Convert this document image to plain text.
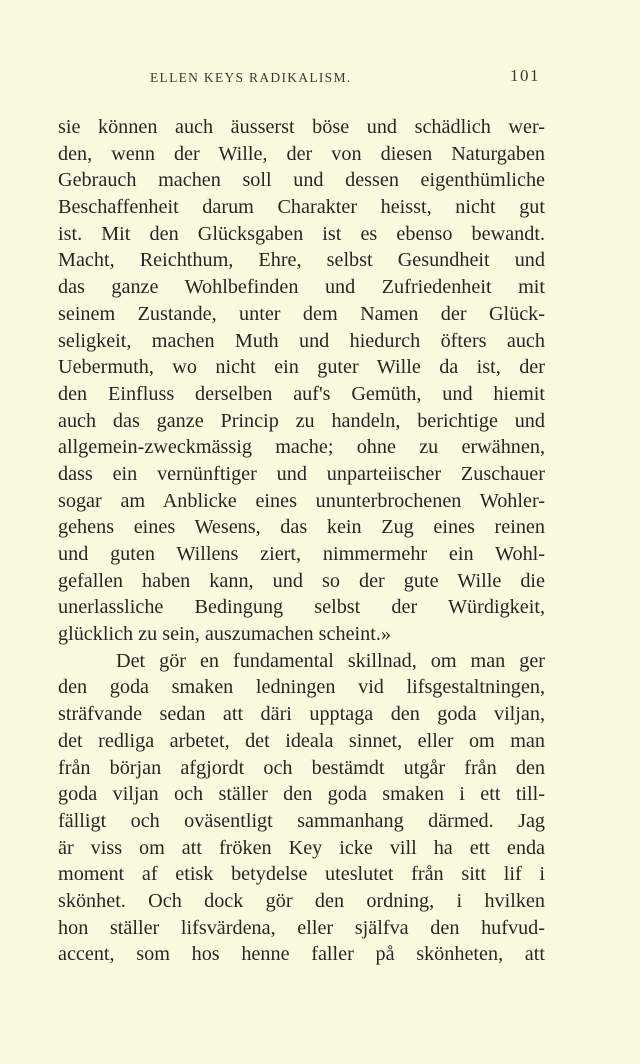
ELLEN KEYS RADIKALISM.	101
sie können auch äusserst böse und schädlich wer-
den, wenn der Wille, der von diesen Naturgaben
Gebrauch machen soll und dessen eigenthümliche
Beschaffenheit darum Charakter heisst, nicht gut
ist. Mit den Glücksgaben ist es ebenso bewandt.
Macht, Reichthum, Ehre, selbst Gesundheit und
das ganze Wohlbefinden und Zufriedenheit mit
seinem Zustande, unter dem Namen der Glück-
seligkeit, machen Muth und hiedurch öfters auch
Uebermuth, wo nicht ein guter Wille da ist, der
den Einfluss derselben auf's Gemüth, und hiemit
auch das ganze Princip zu handeln, berichtige und
allgemein-zweckmässig mache; ohne zu erwähnen,
dass ein vernünftiger und unparteiischer Zuschauer
sogar am Anblicke eines ununterbrochenen Wohler-
gehens eines Wesens, das kein Zug eines reinen
und guten Willens ziert, nimmermehr ein Wohl-
gefallen haben kann, und so der gute Wille die
unerlassliche Bedingung selbst der Würdigkeit,
glücklich zu sein, auszumachen scheint.»
Det gör en fundamental skillnad, om man ger
den goda smaken ledningen vid lifsgestaltningen,
sträfvande sedan att däri upptaga den goda viljan,
det redliga arbetet, det ideala sinnet, eller om man
från början afgjordt och bestämdt utgår från den
goda viljan och ställer den goda smaken i ett till-
fälligt och oväsentligt sammanhang därmed. Jag
är viss om att fröken Key icke vill ha ett enda
moment af etisk betydelse uteslutet från sitt lif i
skönhet. Och dock gör den ordning, i hvilken
hon ställer lifsvärdena, eller själfva den hufvud-
accent, som hos henne faller på skönheten, att
